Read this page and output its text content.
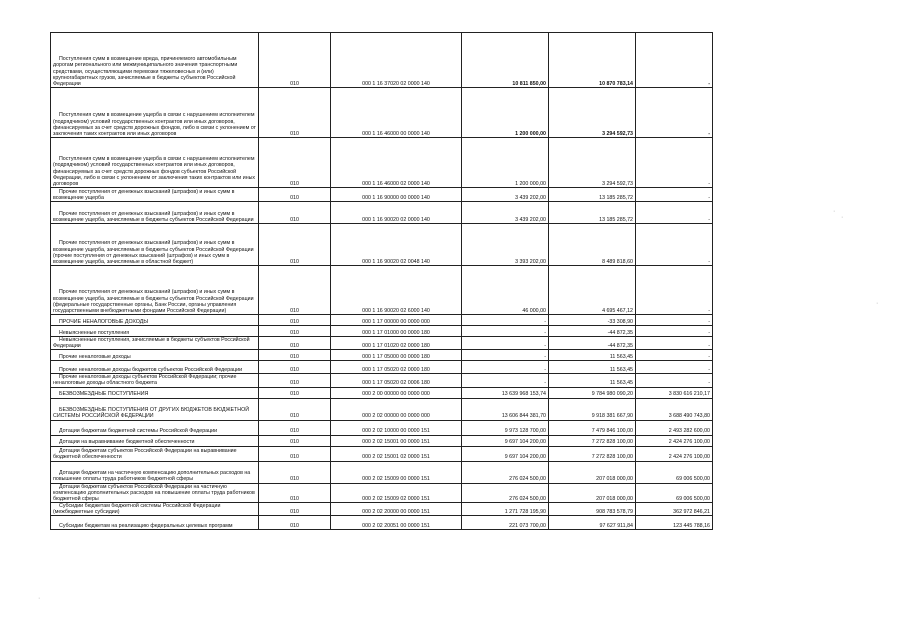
Поступления сумм в возмещение вреда, причиняемого автомобильным дорогам регионального или межмуниципального значения транспортными средствами, осуществляющими перевозки тяжеловесных и (или) крупногабаритных грузов, зачисляемые в бюджеты субъектов Российской Федерации	010	000 1 16 37020 02 0000 140	10 811 850,00	10 870 783,14	-
Поступления сумм в возмещение ущерба в связи с нарушением исполнителем (подрядчиком) условий государственных контрактов или иных договоров, финансируемых за счет средств дорожных фондов, либо в связи с уклонением от заключения таких контрактов или иных договоров	010	000 1 16 46000 00 0000 140	1 200 000,00	3 294 592,73	-
Поступления сумм в возмещение ущерба в связи с нарушением исполнителем (подрядчиком) условий государственных контрактов или иных договоров, финансируемых за счет средств дорожных фондов субъектов Российской Федерации, либо в связи с уклонением от заключения таких контрактов или иных договоров	010	000 1 16 46000 02 0000 140	1 200 000,00	3 294 592,73	-
Прочие поступления от денежных взысканий (штрафов) и иных сумм в возмещение ущерба	010	000 1 16 90000 00 0000 140	3 439 202,00	13 185 285,72	-
Прочие поступления от денежных взысканий (штрафов) и иных сумм в возмещение ущерба, зачисляемые в бюджеты субъектов Российской Федерации	010	000 1 16 90020 02 0000 140	3 439 202,00	13 185 285,72	-
Прочие поступления от денежных взысканий (штрафов) и иных сумм в возмещение ущерба, зачисляемые в бюджеты субъектов Российской Федерации (прочие поступления от денежных взысканий (штрафов) и иных сумм в возмещение ущерба, зачисляемые в областной бюджет)	010	000 1 16 90020 02 0048 140	3 393 202,00	8 489 818,60	-
Прочие поступления от денежных взысканий (штрафов) и иных сумм в возмещение ущерба, зачисляемые в бюджеты субъектов Российской Федерации (федеральные государственные органы, Банк России, органы управления государственными внебюджетными фондами Российской Федерации)	010	000 1 16 90020 02 6000 140	46 000,00	4 695 467,12	-
ПРОЧИЕ НЕНАЛОГОВЫЕ ДОХОДЫ	010	000 1 17 00000 00 0000 000	-	-33 308,90	-
Невыясненные поступления	010	000 1 17 01000 00 0000 180	-	-44 872,35	-
Невыясненные поступления, зачисляемые в бюджеты субъектов Российской Федерации	010	000 1 17 01020 02 0000 180	-	-44 872,35	-
Прочие неналоговые доходы	010	000 1 17 05000 00 0000 180	-	11 563,45	-
Прочие неналоговые доходы бюджетов субъектов Российской Федерации	010	000 1 17 05020 02 0000 180	-	11 563,45	-
Прочие неналоговые доходы субъектов Российской Федерации; прочие неналоговые доходы областного бюджета	010	000 1 17 05020 02 0006 180	-	11 563,45	-
БЕЗВОЗМЕЗДНЫЕ ПОСТУПЛЕНИЯ	010	000 2 00 00000 00 0000 000	13 639 968 153,74	9 784 980 090,20	3 830 616 210,17
БЕЗВОЗМЕЗДНЫЕ ПОСТУПЛЕНИЯ ОТ ДРУГИХ БЮДЖЕТОВ БЮДЖЕТНОЙ СИСТЕМЫ РОССИЙСКОЙ ФЕДЕРАЦИИ	010	000 2 02 00000 00 0000 000	13 606 844 381,70	9 918 381 667,90	3 688 490 743,80
Дотации бюджетам бюджетной системы Российской Федерации	010	000 2 02 10000 00 0000 151	9 973 128 700,00	7 479 846 100,00	2 493 282 600,00
Дотации на выравнивание бюджетной обеспеченности	010	000 2 02 15001 00 0000 151	9 697 104 200,00	7 272 828 100,00	2 424 276 100,00
Дотации бюджетам субъектов Российской Федерации на выравнивание бюджетной обеспеченности	010	000 2 02 15001 02 0000 151	9 697 104 200,00	7 272 828 100,00	2 424 276 100,00
Дотации бюджетам на частичную компенсацию дополнительных расходов на повышение оплаты труда работников бюджетной сферы	010	000 2 02 15009 00 0000 151	276 024 500,00	207 018 000,00	69 006 500,00
Дотации бюджетам субъектов Российской Федерации на частичную компенсацию дополнительных расходов на повышение оплаты труда работников бюджетной сферы	010	000 2 02 15009 02 0000 151	276 024 500,00	207 018 000,00	69 006 500,00
Субсидии бюджетам бюджетной системы Российской Федерации (межбюджетные субсидии)	010	000 2 02 20000 00 0000 151	1 271 728 195,90	908 783 578,79	362 972 846,21
Субсидии бюджетам на реализацию федеральных целевых программ	010	000 2 02 20051 00 0000 151	221 073 700,00	97 627 911,84	123 445 788,16
·
·
·
·
